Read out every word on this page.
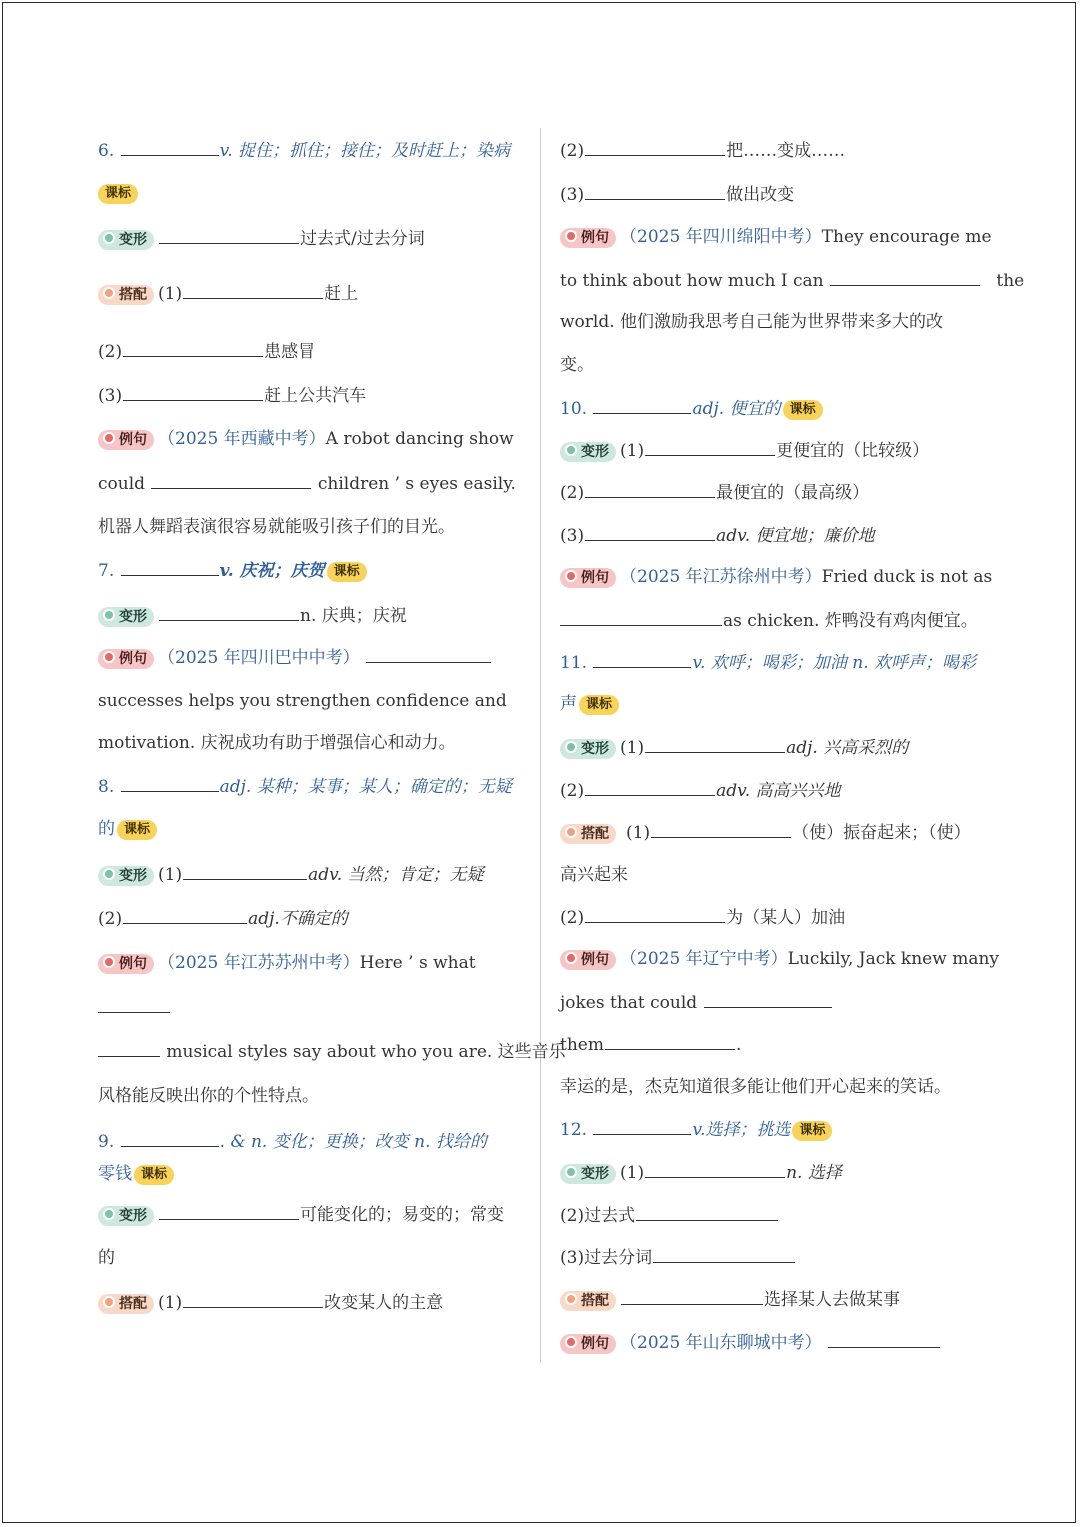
6.	v. 捉住；抓住；接住；及时赶上；染病
课标
变形	过去式/过去分词
搭配 (1)	赶上
(2)	患感冒
(3)	赶上公共汽车
例句 （2025 年西藏中考）A robot dancing show
could	children ’ s eyes easily.
机器人舞蹈表演很容易就能吸引孩子们的目光。
7.	v. 庆祝；庆贺 课标
变形	n. 庆典；庆祝
例句 （2025 年四川巴中中考）
successes helps you strengthen confidence and
motivation. 庆祝成功有助于增强信心和动力。
8.	adj. 某种；某事；某人；确定的；无疑
的 课标
变形 (1)	adv. 当然；肯定；无疑
(2)	adj.不确定的
例句 （2025 年江苏苏州中考）Here ’ s what
musical styles say about who you are. 这些音乐
风格能反映出你的个性特点。
9.	. & n. 变化；更换；改变 n. 找给的
零钱 课标
变形	可能变化的；易变的；常变
的
搭配 (1)	改变某人的主意
(2)	把……变成……
(3)	做出改变
例句 （2025 年四川绵阳中考）They encourage me
to think about how much I can	the
world. 他们激励我思考自己能为世界带来多大的改
变。
10.	adj. 便宜的 课标
变形 (1)	更便宜的（比较级）
(2)	最便宜的（最高级）
(3)	adv. 便宜地；廉价地
例句 （2025 年江苏徐州中考）Fried duck is not as
as chicken. 炸鸭没有鸡肉便宜。
11.	v. 欢呼；喝彩；加油 n. 欢呼声；喝彩
声 课标
变形 (1)	adj. 兴高采烈的
(2)	adv. 高高兴兴地
搭配 (1)	（使）振奋起来；（使）
高兴起来
(2)	为（某人）加油
例句 （2025 年辽宁中考）Luckily, Jack knew many
jokes that could
them	.
幸运的是，杰克知道很多能让他们开心起来的笑话。
12.	v.选择；挑选 课标
变形 (1)	n. 选择
(2)过去式
(3)过去分词
搭配	选择某人去做某事
例句 （2025 年山东聊城中考）
